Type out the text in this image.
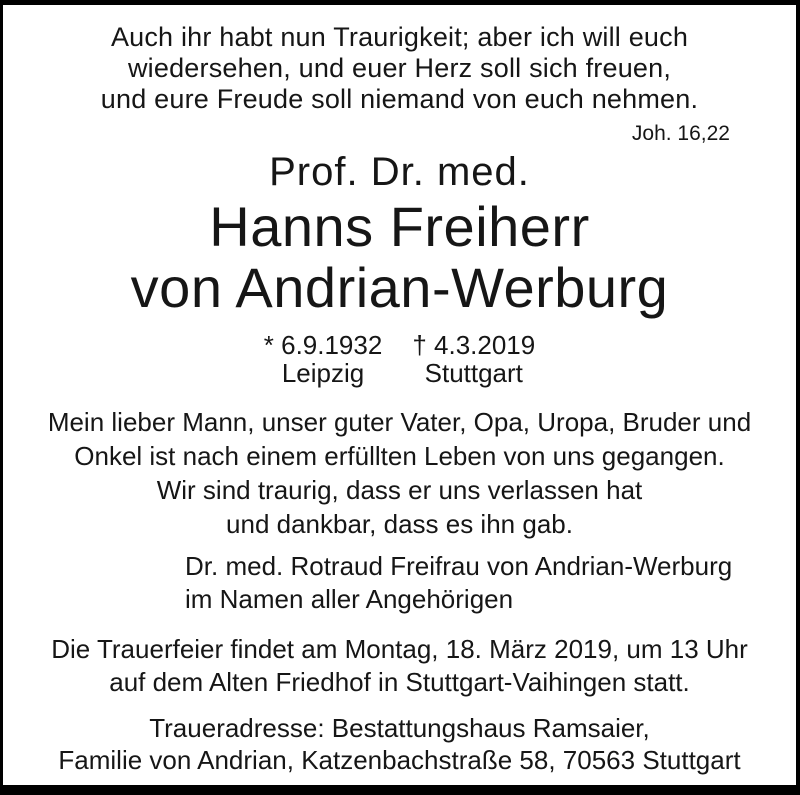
Auch ihr habt nun Traurigkeit; aber ich will euch
wiedersehen, und euer Herz soll sich freuen,
und eure Freude soll niemand von euch nehmen.
Joh. 16,22
Prof. Dr. med.
Hanns Freiherr
von Andrian-Werburg
* 6.9.1932
Leipzig
† 4.3.2019
Stuttgart
Mein lieber Mann, unser guter Vater, Opa, Uropa, Bruder und
Onkel ist nach einem erfüllten Leben von uns gegangen.
Wir sind traurig, dass er uns verlassen hat
und dankbar, dass es ihn gab.
Dr. med. Rotraud Freifrau von Andrian-Werburg
im Namen aller Angehörigen
Die Trauerfeier findet am Montag, 18. März 2019, um 13 Uhr
auf dem Alten Friedhof in Stuttgart-Vaihingen statt.
Traueradresse: Bestattungshaus Ramsaier,
Familie von Andrian, Katzenbachstraße 58, 70563 Stuttgart
